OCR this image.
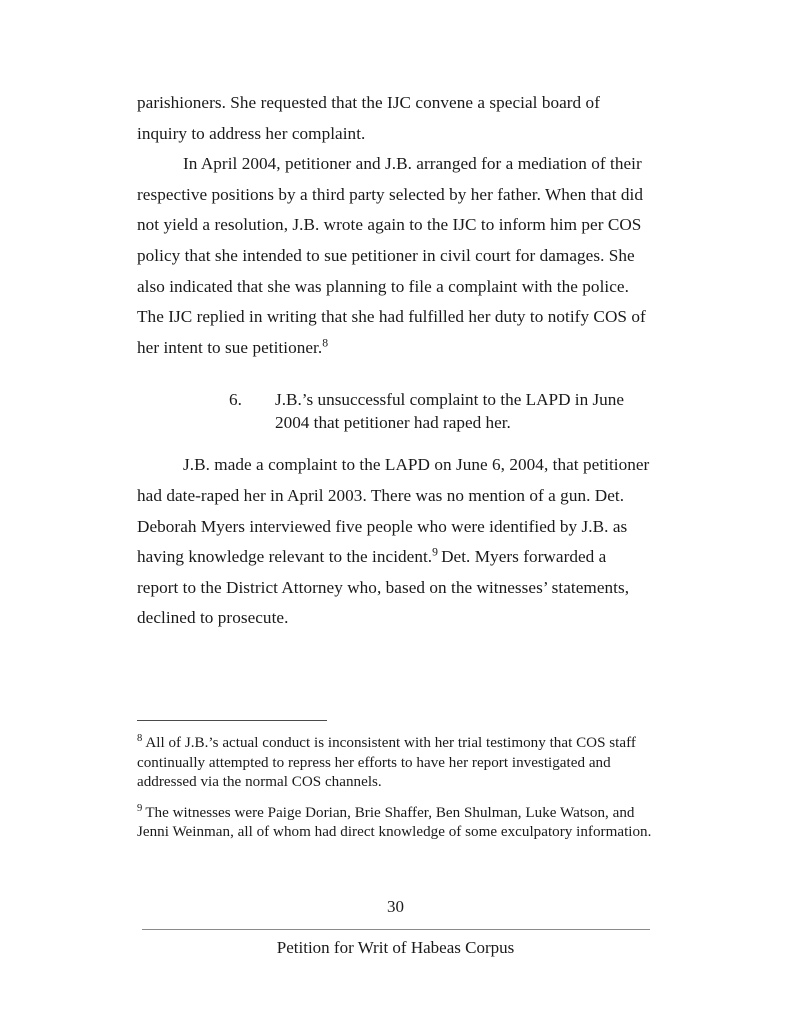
parishioners. She requested that the IJC convene a special board of inquiry to address her complaint.

In April 2004, petitioner and J.B. arranged for a mediation of their respective positions by a third party selected by her father. When that did not yield a resolution, J.B. wrote again to the IJC to inform him per COS policy that she intended to sue petitioner in civil court for damages. She also indicated that she was planning to file a complaint with the police. The IJC replied in writing that she had fulfilled her duty to notify COS of her intent to sue petitioner.$^8$

6.	J.B.’s unsuccessful complaint to the LAPD in June 2004 that petitioner had raped her.

J.B. made a complaint to the LAPD on June 6, 2004, that petitioner had date-raped her in April 2003. There was no mention of a gun. Det. Deborah Myers interviewed five people who were identified by J.B. as having knowledge relevant to the incident.$^9$ Det. Myers forwarded a report to the District Attorney who, based on the witnesses’ statements, declined to prosecute.

$^8$ All of J.B.’s actual conduct is inconsistent with her trial testimony that COS staff continually attempted to repress her efforts to have her report investigated and addressed via the normal COS channels.

$^9$ The witnesses were Paige Dorian, Brie Shaffer, Ben Shulman, Luke Watson, and Jenni Weinman, all of whom had direct knowledge of some exculpatory information.

30
Petition for Writ of Habeas Corpus
